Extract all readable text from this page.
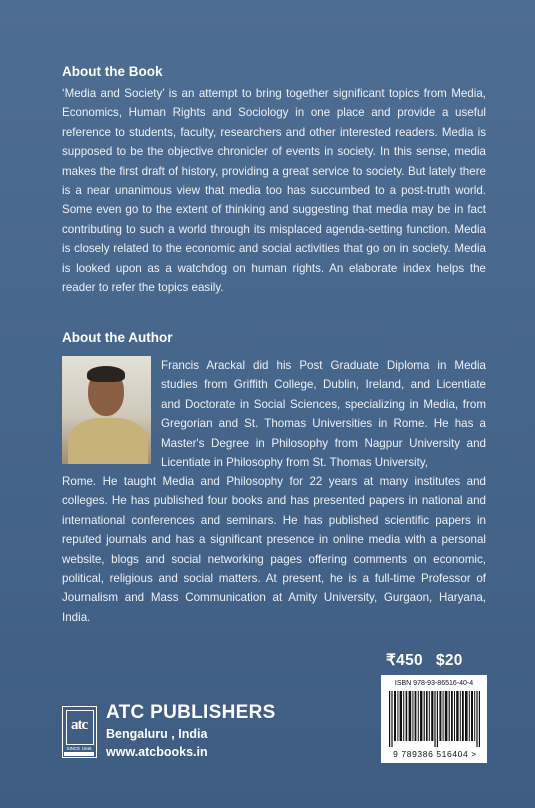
About the Book

‘Media and Society’ is an attempt to bring together significant topics from Media, Economics, Human Rights and Sociology in one place and provide a useful reference to students, faculty, researchers and other interested readers. Media is supposed to be the objective chronicler of events in society. In this sense, media makes the first draft of history, providing a great service to society. But lately there is a near unanimous view that media too has succumbed to a post-truth world. Some even go to the extent of thinking and suggesting that media may be in fact contributing to such a world through its misplaced agenda-setting function. Media is closely related to the economic and social activities that go on in society. Media is looked upon as a watchdog on human rights. An elaborate index helps the reader to refer the topics easily.

About the Author

Francis Arackal did his Post Graduate Diploma in Media studies from Griffith College, Dublin, Ireland, and Licentiate and Doctorate in Social Sciences, specializing in Media, from Gregorian and St. Thomas Universities in Rome. He has a Master's Degree in Philosophy from Nagpur University and Licentiate in Philosophy from St. Thomas University,

Rome. He taught Media and Philosophy for 22 years at many institutes and colleges. He has published four books and has presented papers in national and international conferences and seminars. He has published scientific papers in reputed journals and has a significant presence in online media with a personal website, blogs and social networking pages offering comments on economic, political, religious and social matters. At present, he is a full-time Professor of Journalism and Mass Communication at Amity University, Gurgaon, Haryana, India.

₹450 $20
ISBN 978-93-86516-40-4
9 789386 516404 >
atc
SINCE 1946
ATC PUBLISHERS
Bengaluru , India
www.atcbooks.in
